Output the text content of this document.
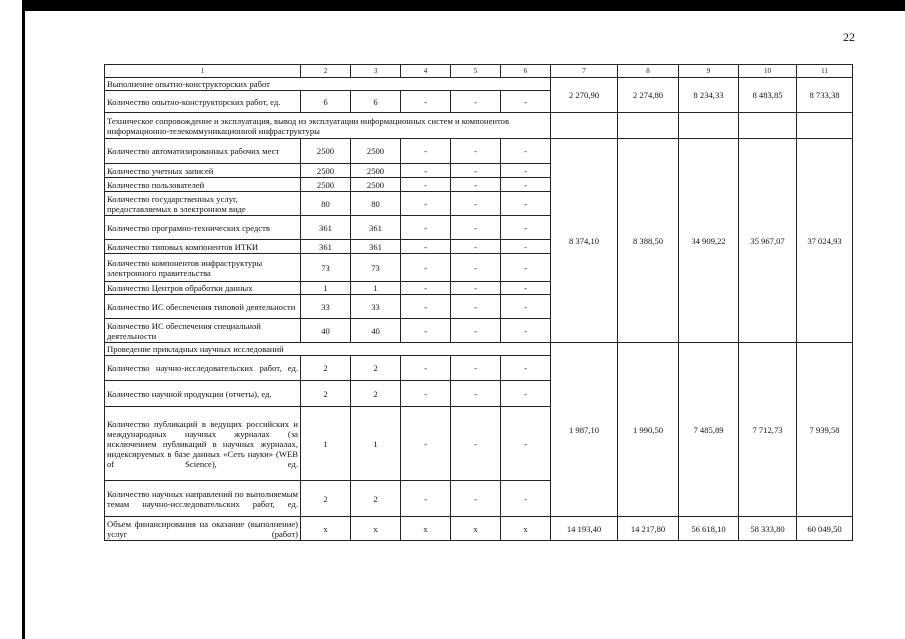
22
1	2	3	4	5	6	7	8	9	10	11
Выполнение опытно-конструкторских работ						2 270,90	2 274,80	8 234,33	8 483,85	8 733,38
Количество опытно-конструкторских работ, ед.	6	6	-	-	-					
Техническое сопровождение и эксплуатация, вывод из эксплуатации информационных систем и компонентов информационно-телекоммуникационной инфраструктуры										
Количество автоматизированных рабочих мест	2500	2500	-	-	-	8 374,10	8 388,50	34 909,22	35 967,07	37 024,93
Количество учетных записей	2500	2500	-	-	-					
Количество пользователей	2500	2500	-	-	-					
Количество государственных услуг, предоставляемых в электронном виде	80	80	-	-	-					
Количество програмно-технических средств	361	361	-	-	-					
Количество типовых компонентов ИТКИ	361	361	-	-	-					
Количество компонентов инфраструктуры электронного правительства	73	73	-	-	-					
Количество Центров обработки данных	1	1	-	-	-					
Количество ИС обеспечения типовой деятельности	33	33	-	-	-					
Количество ИС обеспечения специальной деятельности	40	40	-	-	-					
Проведение прикладных научных исследований						1 987,10	1 990,50	7 485,89	7 712,73	7 939,58
Количество научно-исследовательских работ, ед.	2	2	-	-	-					
Количество научной продукции (отчеты), ед.	2	2	-	-	-					
Количество публикаций в ведущих российских и международных научных журналах (за исключением публикаций в научных журналах, индексируемых в базе данных «Сеть науки» (WEB of Science), ед.	1	1	-	-	-					
Количество научных направлений по выполняемым темам научно-исследовательских работ, ед.	2	2	-	-	-					
Объем финансирования на оказание (выполнение) услуг (работ)	х	х	х	х	х	14 193,40	14 217,80	56 618,10	58 333,80	60 049,50
